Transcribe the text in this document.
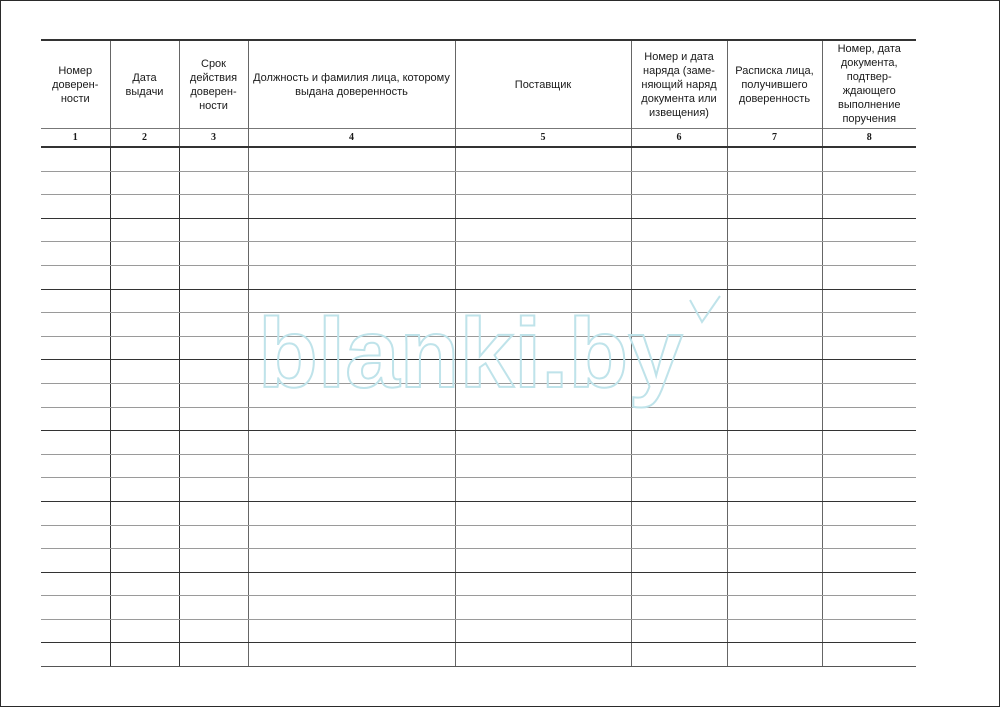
Номер доверен-ности	Дата выдачи	Срок действия доверен-ности	Должность и фамилия лица, которому выдана доверенность	Поставщик	Номер и дата наряда (заме-няющий наряд документа или извещения)	Расписка лица, получившего доверенность	Номер, дата документа, подтвер-ждающего выполнение поручения
1	2	3	4	5	6	7	8

blanki.by
